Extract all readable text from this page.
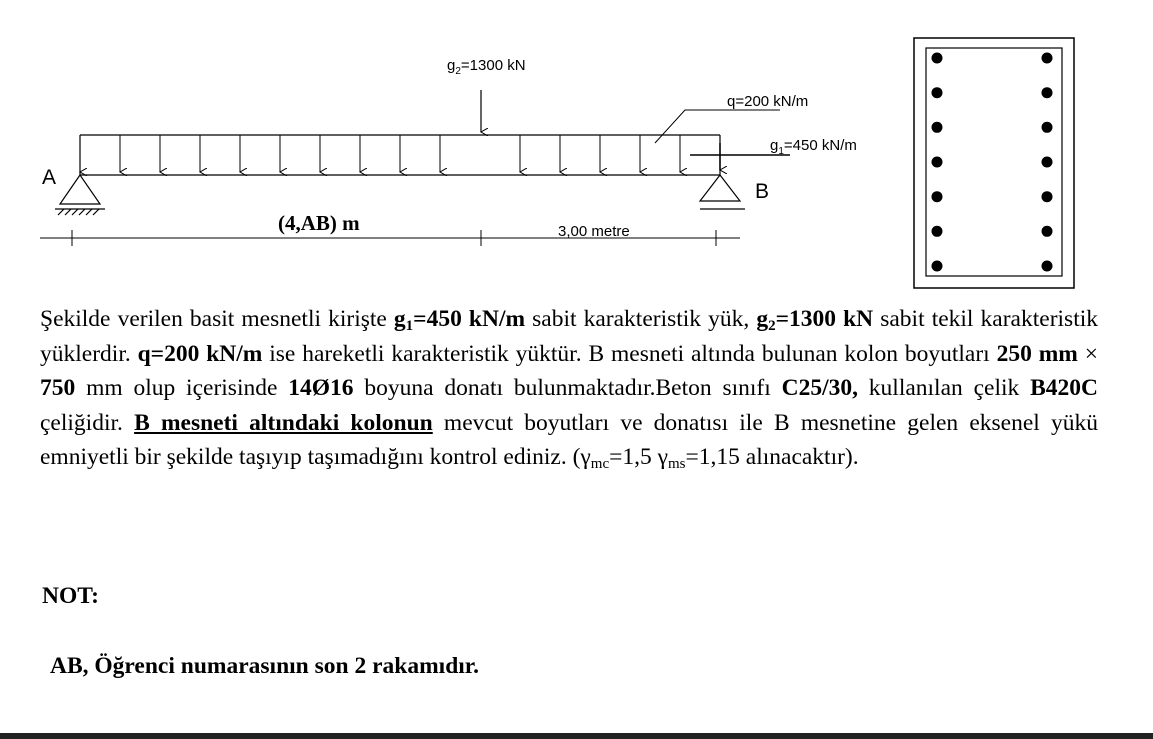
$g_2=1300$ kN
q=200 kN/m
$g_1=450$ kN/m
A
B
(4,AB) m	3,00 metre

Şekilde verilen basit mesnetli kirişte $g_1=450$ kN/m sabit karakteristik yük, $g_2=1300$ kN sabit tekil karakteristik yüklerdir. q=200 kN/m ise hareketli karakteristik yüktür. B mesneti altında bulunan kolon boyutları 250 mm × 750 mm olup içerisinde 14Ø16 boyuna donatı bulunmaktadır.Beton sınıfı C25/30, kullanılan çelik B420C çeliğidir. B mesneti altındaki kolonun mevcut boyutları ve donatısı ile B mesnetine gelen eksenel yükü emniyetli bir şekilde taşıyıp taşımadığını kontrol ediniz. ($\gamma_{mc}=1,5$ $\gamma_{ms}=1,15$ alınacaktır).

NOT:
AB, Öğrenci numarasının son 2 rakamıdır.
